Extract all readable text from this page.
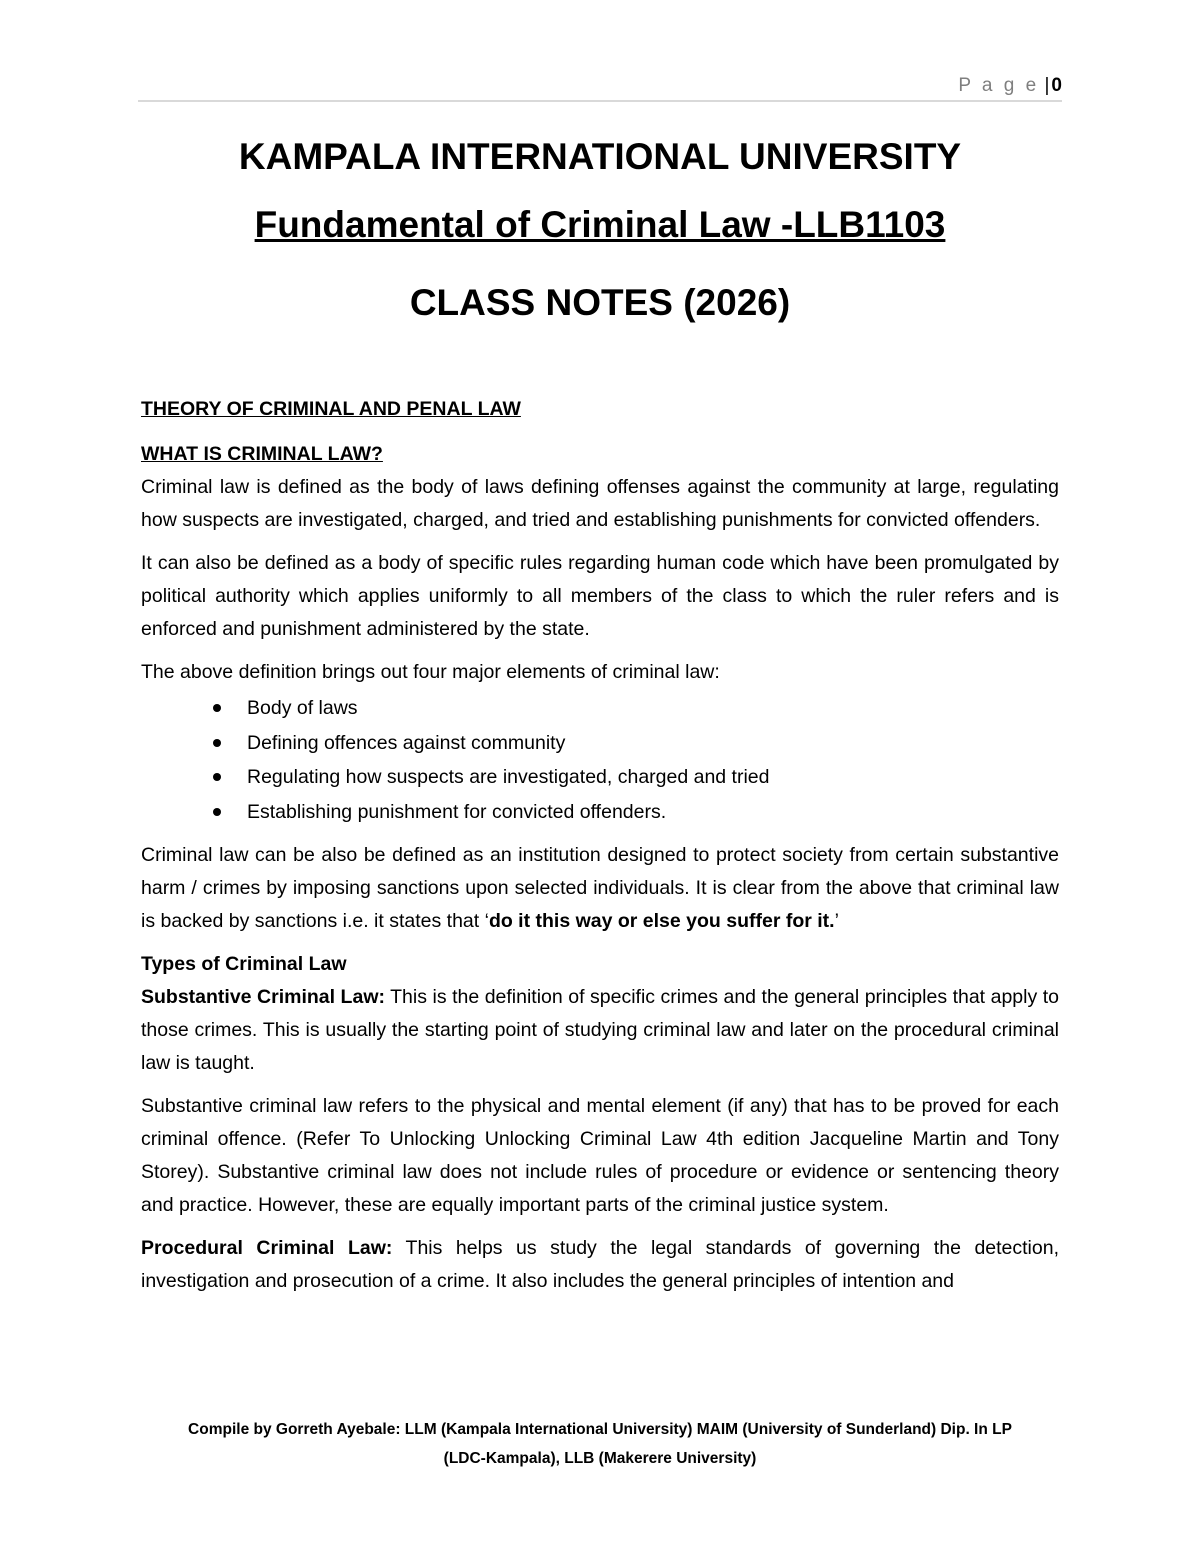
P a g e | 0

KAMPALA INTERNATIONAL UNIVERSITY

Fundamental of Criminal Law -LLB1103

CLASS NOTES (2026)

THEORY OF CRIMINAL AND PENAL LAW

WHAT IS CRIMINAL LAW?

Criminal law is defined as the body of laws defining offenses against the community at large, regulating how suspects are investigated, charged, and tried and establishing punishments for convicted offenders.

It can also be defined as a body of specific rules regarding human code which have been promulgated by political authority which applies uniformly to all members of the class to which the ruler refers and is enforced and punishment administered by the state.

The above definition brings out four major elements of criminal law:

Body of laws
Defining offences against community
Regulating how suspects are investigated, charged and tried
Establishing punishment for convicted offenders.

Criminal law can be also be defined as an institution designed to protect society from certain substantive harm / crimes by imposing sanctions upon selected individuals. It is clear from the above that criminal law is backed by sanctions i.e. it states that ‘do it this way or else you suffer for it.’

Types of Criminal Law

Substantive Criminal Law: This is the definition of specific crimes and the general principles that apply to those crimes. This is usually the starting point of studying criminal law and later on the procedural criminal law is taught.

Substantive criminal law refers to the physical and mental element (if any) that has to be proved for each criminal offence. (Refer To Unlocking Unlocking Criminal Law 4th edition Jacqueline Martin and Tony Storey). Substantive criminal law does not include rules of procedure or evidence or sentencing theory and practice. However, these are equally important parts of the criminal justice system.

Procedural Criminal Law: This helps us study the legal standards of governing the detection, investigation and prosecution of a crime. It also includes the general principles of intention and

Compile by Gorreth Ayebale: LLM (Kampala International University) MAIM (University of Sunderland) Dip. In LP
(LDC-Kampala), LLB (Makerere University)
